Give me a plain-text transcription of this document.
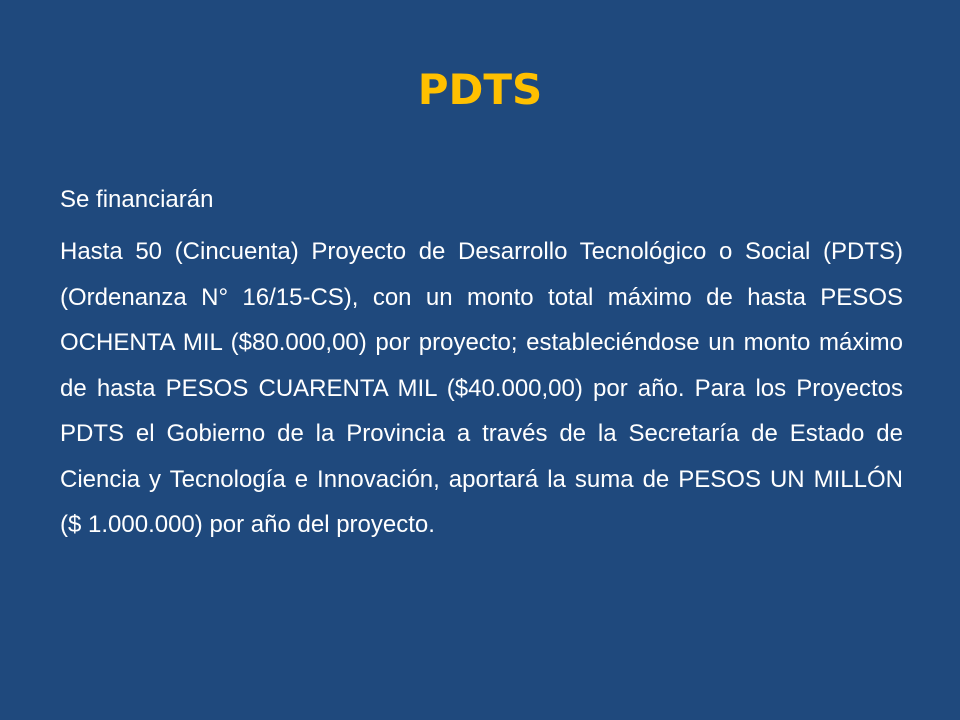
PDTS

Se financiarán

Hasta 50 (Cincuenta) Proyecto de Desarrollo Tecnológico o Social (PDTS) (Ordenanza N° 16/15-CS), con un monto total máximo de hasta PESOS OCHENTA MIL ($80.000,00) por proyecto; estableciéndose un monto máximo de hasta PESOS CUARENTA MIL ($40.000,00) por año. Para los Proyectos PDTS el Gobierno de la Provincia a través de la Secretaría de Estado de Ciencia y Tecnología e Innovación, aportará la suma de PESOS UN MILLÓN ($ 1.000.000) por año del proyecto.
